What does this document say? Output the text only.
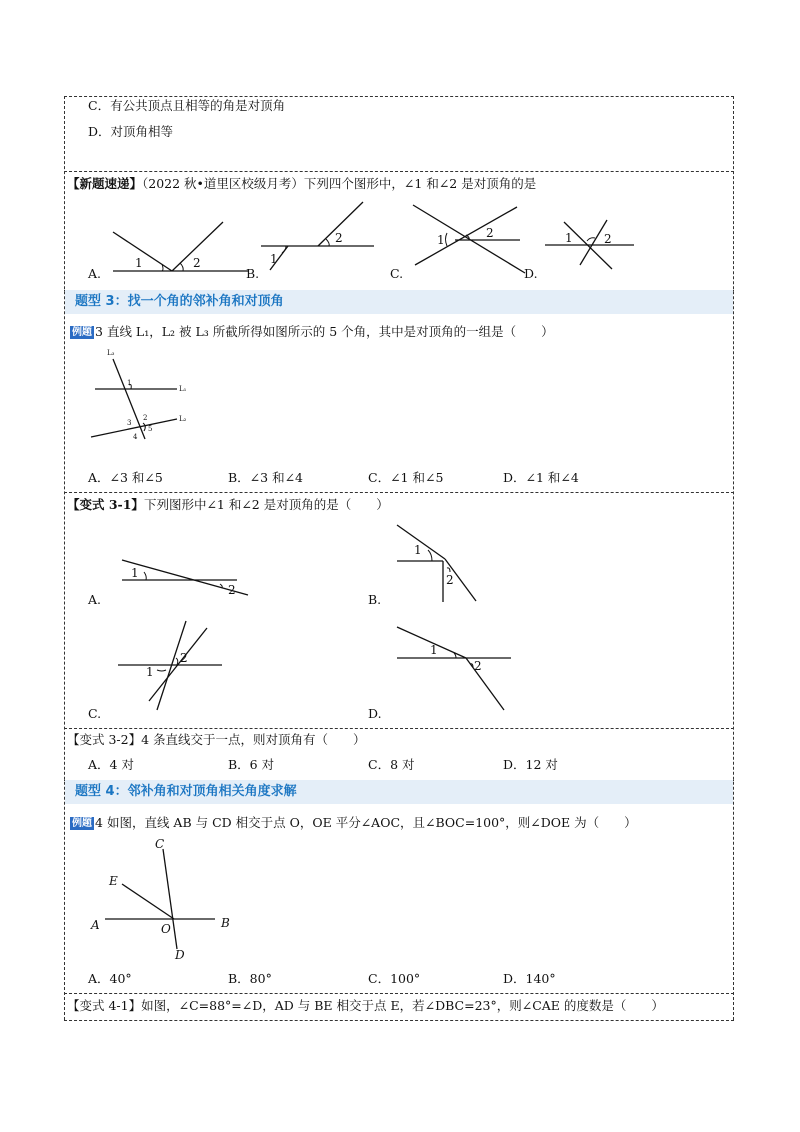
C．有公共顶点且相等的角是对顶角
D．对顶角相等
【新题速递】（2022 秋•道里区校级月考）下列四个图形中，∠1 和∠2 是对顶角的是
A.
1	2
B.
2
1
C.
1	2
D.
1	2
题型 3：找一个角的邻补角和对顶角
例题 3 直线 L₁，L₂ 被 L₃ 所截所得如图所示的 5 个角，其中是对顶角的一组是（　　）
L₃
L₁
L₂
1
2
3
4
5
A．∠3 和∠5	B．∠3 和∠4	C．∠1 和∠5	D．∠1 和∠4
【变式 3-1】下列图形中∠1 和∠2 是对顶角的是（　　）
A.
1
2
B.
1
2
C.
1
2
D.
1
2
【变式 3-2】4 条直线交于一点，则对顶角有（　　）
A．4 对	B．6 对	C．8 对	D．12 对
题型 4：邻补角和对顶角相关角度求解
例题 4 如图，直线 AB 与 CD 相交于点 O，OE 平分∠AOC，且∠BOC=100°，则∠DOE 为（　　）
C
E
A	O	B
D
A．40°	B．80°	C．100°	D．140°
【变式 4-1】如图，∠C=88°=∠D，AD 与 BE 相交于点 E，若∠DBC=23°，则∠CAE 的度数是（　　）
